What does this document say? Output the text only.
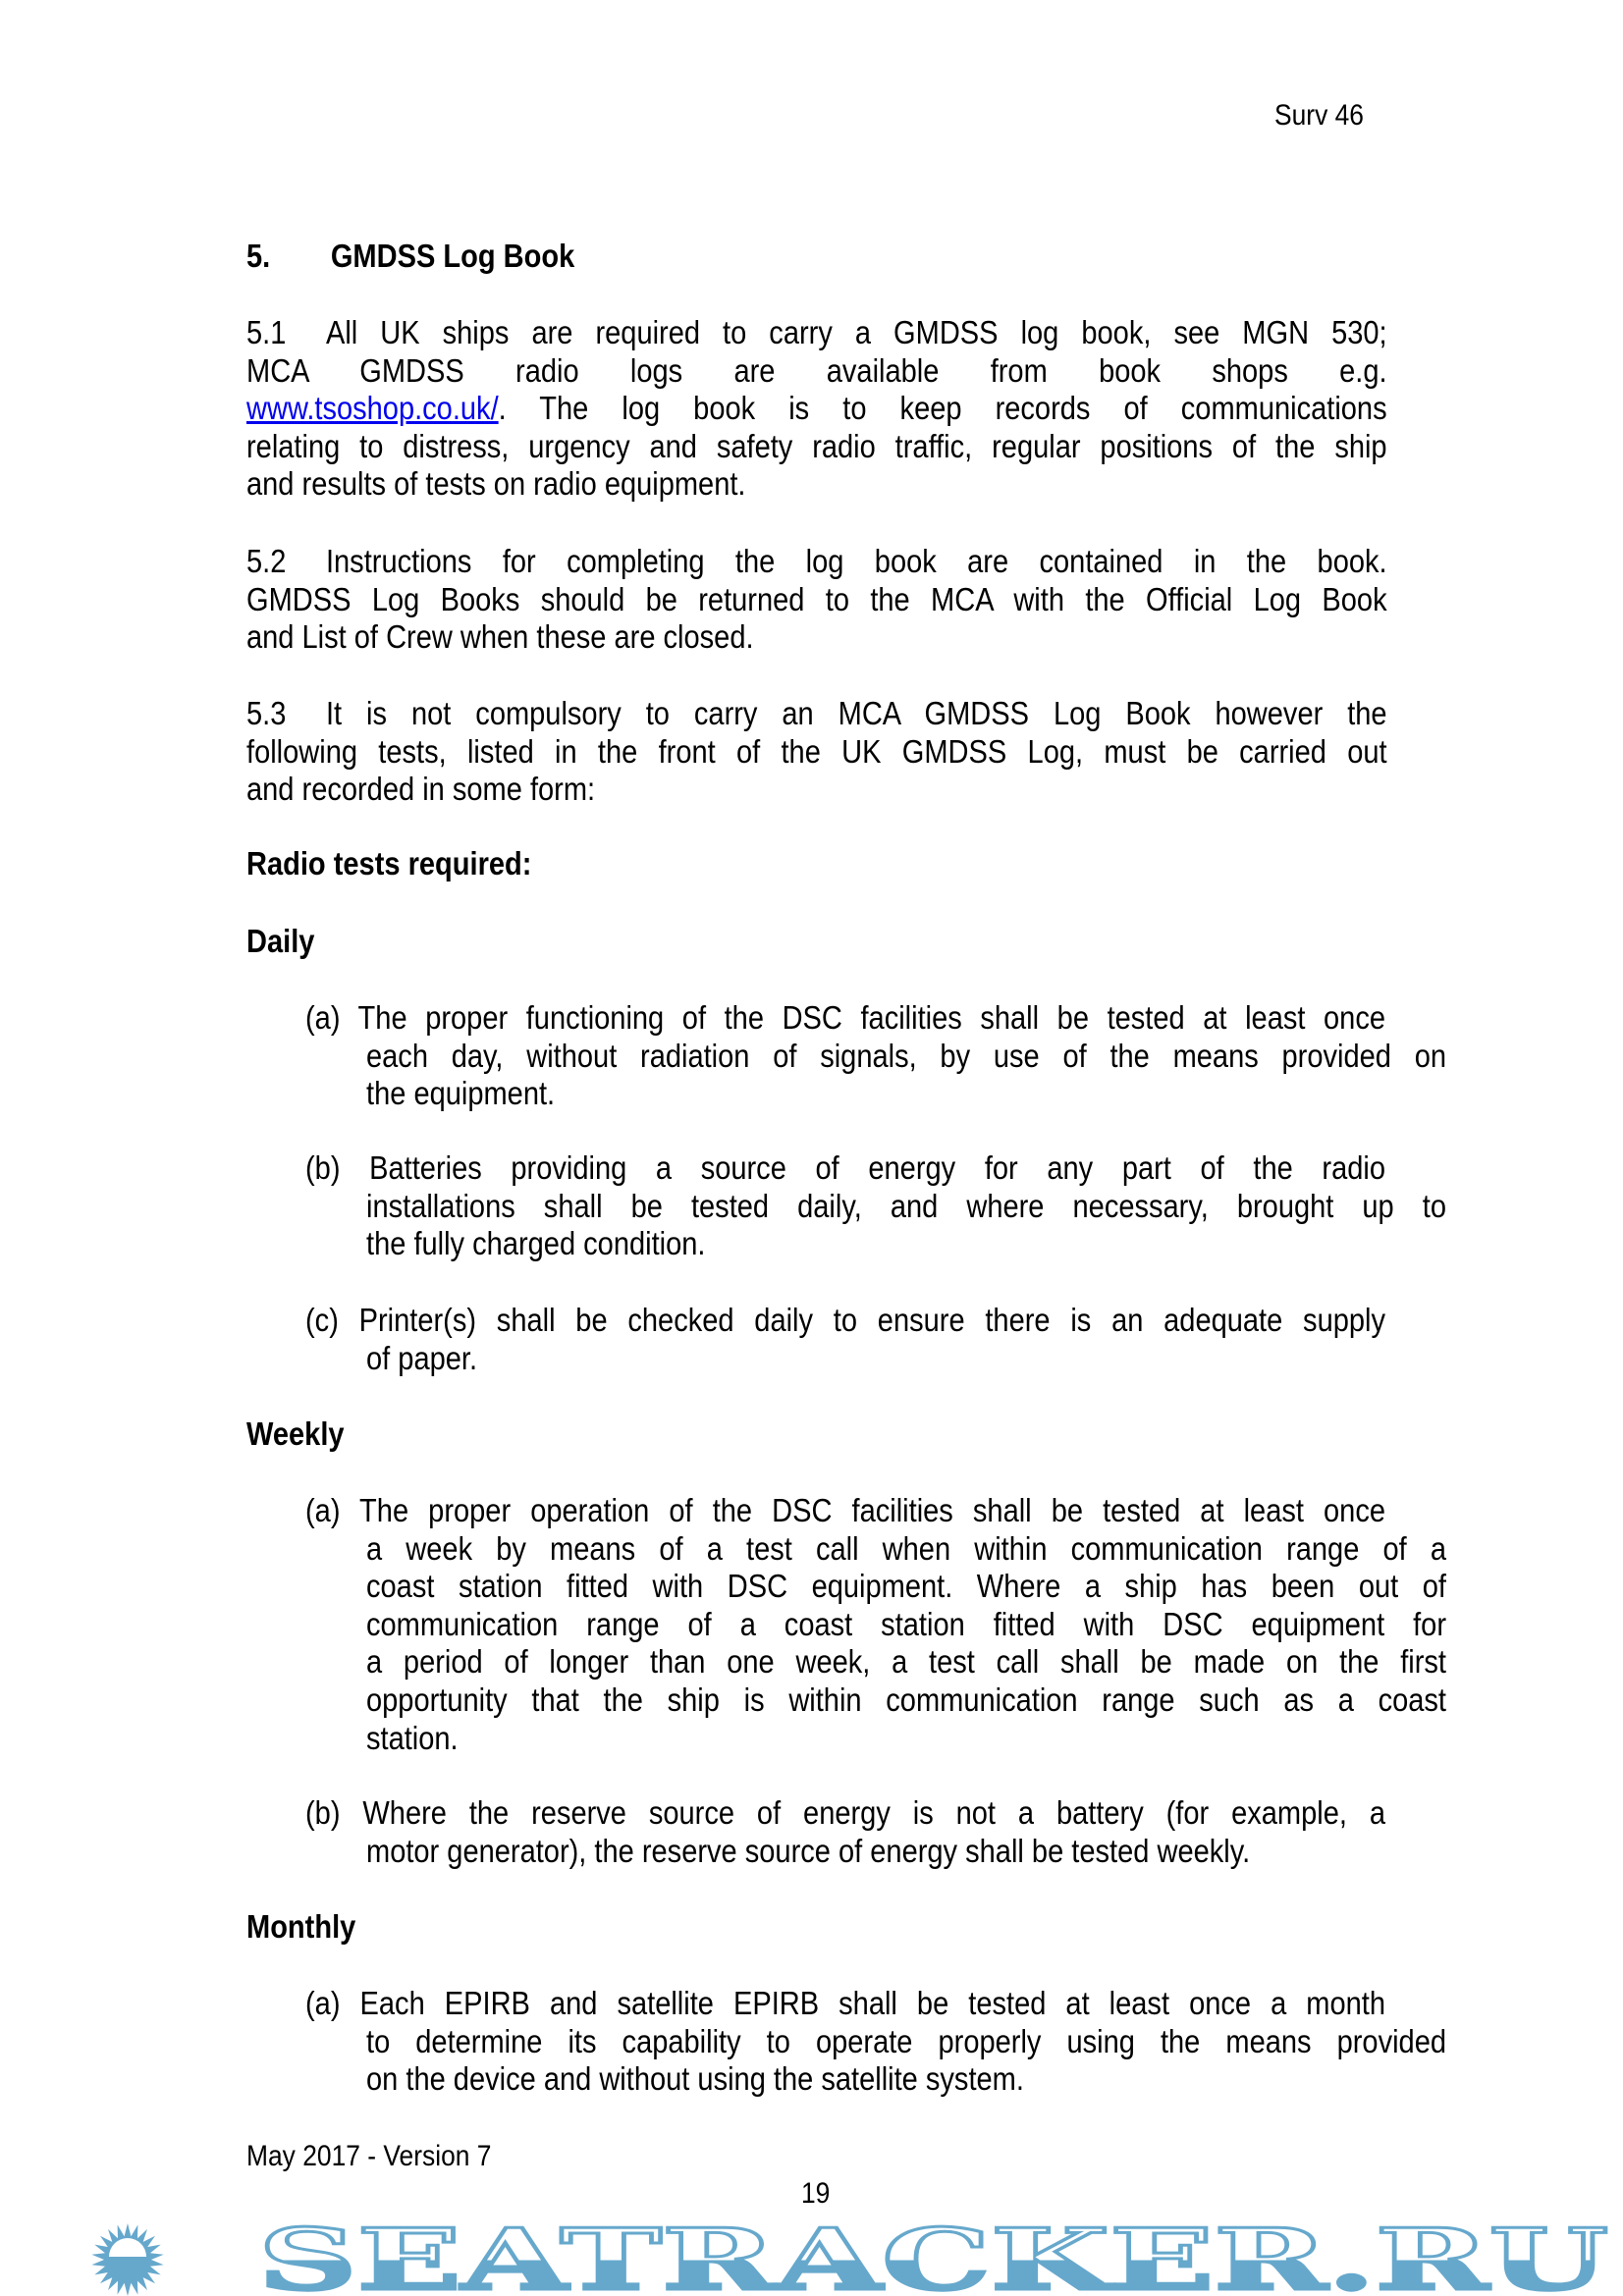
SEATRACKER.RU
Surv 46
5. GMDSS Log Book
5.1 All UK ships are required to carry a GMDSS log book, see MGN 530;
MCA GMDSS radio logs are available from book shops e.g.
www.tsoshop.co.uk/. The log book is to keep records of communications
relating to distress, urgency and safety radio traffic, regular positions of the ship
and results of tests on radio equipment.
5.2 Instructions for completing the log book are contained in the book.
GMDSS Log Books should be returned to the MCA with the Official Log Book
and List of Crew when these are closed.
5.3 It is not compulsory to carry an MCA GMDSS Log Book however the
following tests, listed in the front of the UK GMDSS Log, must be carried out
and recorded in some form:
Radio tests required:
Daily
(a) The proper functioning of the DSC facilities shall be tested at least once
each day, without radiation of signals, by use of the means provided on
the equipment.
(b) Batteries providing a source of energy for any part of the radio
installations shall be tested daily, and where necessary, brought up to
the fully charged condition.
(c) Printer(s) shall be checked daily to ensure there is an adequate supply
of paper.
Weekly
(a) The proper operation of the DSC facilities shall be tested at least once
a week by means of a test call when within communication range of a
coast station fitted with DSC equipment. Where a ship has been out of
communication range of a coast station fitted with DSC equipment for
a period of longer than one week, a test call shall be made on the first
opportunity that the ship is within communication range such as a coast
station.
(b) Where the reserve source of energy is not a battery (for example, a
motor generator), the reserve source of energy shall be tested weekly.
Monthly
(a) Each EPIRB and satellite EPIRB shall be tested at least once a month
to determine its capability to operate properly using the means provided
on the device and without using the satellite system.
May 2017 - Version 7
19
